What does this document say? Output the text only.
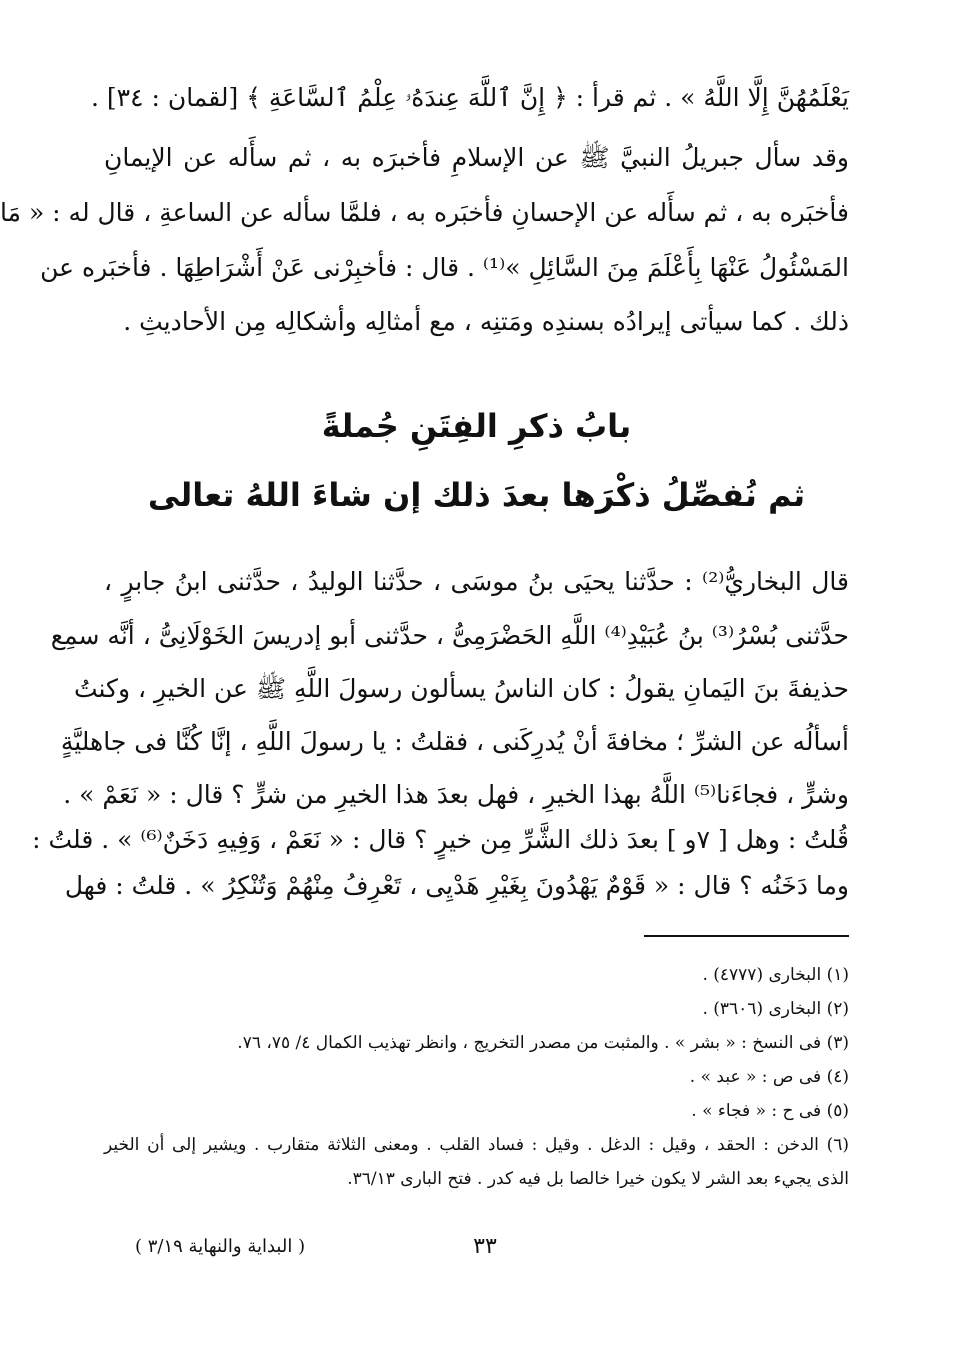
يَعْلَمُهُنَّ إِلَّا اللَّهُ » . ثم قرأ : ﴿ إِنَّ ٱللَّهَ عِندَهُۥ عِلْمُ ٱلسَّاعَةِ ﴾ [لقمان : ٣٤] .
وقد سأل جبريلُ النبيَّ ﷺ عن الإسلامِ فأخبرَه به ، ثم سأَله عن الإيمانِ
فأخبَره به ، ثم سأَله عن الإحسانِ فأخبَره به ، فلمَّا سأله عن الساعةِ ، قال له : « مَا
المَسْئُولُ عَنْهَا بِأَعْلَمَ مِنَ السَّائِلِ »⁽¹⁾ . قال : فأخبِرْنى عَنْ أَشْرَاطِهَا . فأخبَره عن
ذلك . كما سيأتى إيرادُه بسندِه ومَتنِه ، مع أمثالِه وأشكالِه مِن الأحاديثِ .
بابُ ذكرِ الفِتَنِ جُملةً
ثم نُفصِّلُ ذكْرَها بعدَ ذلك إن شاءَ اللهُ تعالى
قال البخاريُّ⁽²⁾ : حدَّثنا يحيَى بنُ موسَى ، حدَّثنا الوليدُ ، حدَّثنى ابنُ جابرٍ ،
حدَّثنى بُسْرُ⁽³⁾ بنُ عُبَيْدِ⁽⁴⁾ اللَّهِ الحَضْرَمِىُّ ، حدَّثنى أبو إدريسَ الخَوْلَانِىُّ ، أنَّه سمِع
حذيفةَ بنَ اليَمانِ يقولُ : كان الناسُ يسألون رسولَ اللَّهِ ﷺ عن الخيرِ ، وكنتُ
أسألُه عن الشرِّ ؛ مخافةَ أنْ يُدرِكَنى ، فقلتُ : يا رسولَ اللَّهِ ، إنَّا كُنَّا فى جاهليَّةٍ
وشرٍّ ، فجاءَنا⁽⁵⁾ اللَّهُ بهذا الخيرِ ، فهل بعدَ هذا الخيرِ من شرٍّ ؟ قال : « نَعَمْ » .
قُلتُ : وهل [ ٧و ] بعدَ ذلك الشَّرِّ مِن خيرٍ ؟ قال : « نَعَمْ ، وَفِيهِ دَخَنٌ⁽⁶⁾ » . قلتُ :
وما دَخَنُه ؟ قال : « قَوْمٌ يَهْدُونَ بِغَيْرِ هَدْيِى ، تَعْرِفُ مِنْهُمْ وَتُنْكِرُ » . قلتُ : فهل
(١) البخارى (٤٧٧٧) .
(٢) البخارى (٣٦٠٦) .
(٣) فى النسخ : « بشر » . والمثبت من مصدر التخريج ، وانظر تهذيب الكمال ٤/ ٧٥، ٧٦.
(٤) فى ص : « عبد » .
(٥) فى ح : « فجاء » .
(٦) الدخن : الحقد ، وقيل : الدغل . وقيل : فساد القلب . ومعنى الثلاثة متقارب . ويشير إلى أن الخير
الذى يجيء بعد الشر لا يكون خيرا خالصا بل فيه كدر . فتح البارى ٣٦/١٣.
٣٣
( البداية والنهاية ٣/١٩ )
